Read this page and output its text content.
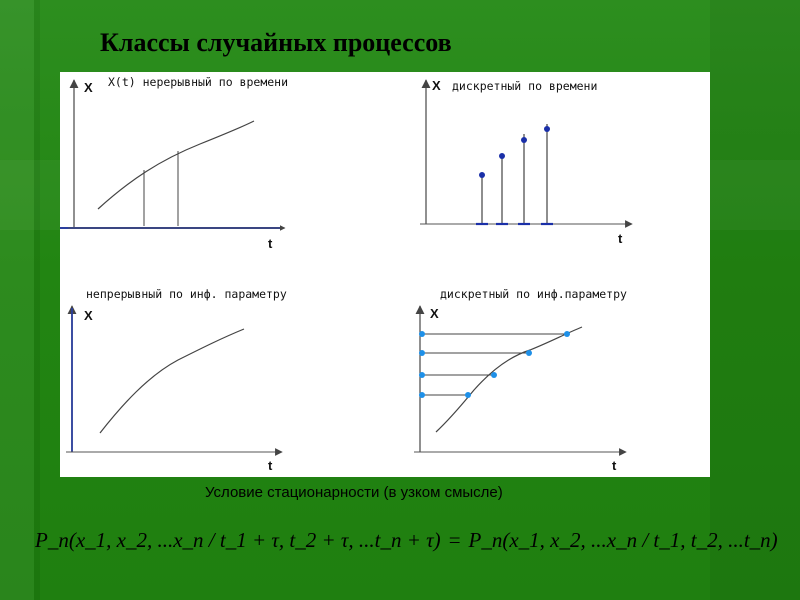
Классы случайных процессов
X X(t) нерерывный по времени
t
X дискретный по времени
t
X
непрерывный по инф. параметру
t
X
дискретный по инф.параметру
t
Условие стационарности (в узком смысле)
P_n(x_1, x_2, ...x_n / t_1 + τ, t_2 + τ, ...t_n + τ) = P_n(x_1, x_2, ...x_n / t_1, t_2, ...t_n)
